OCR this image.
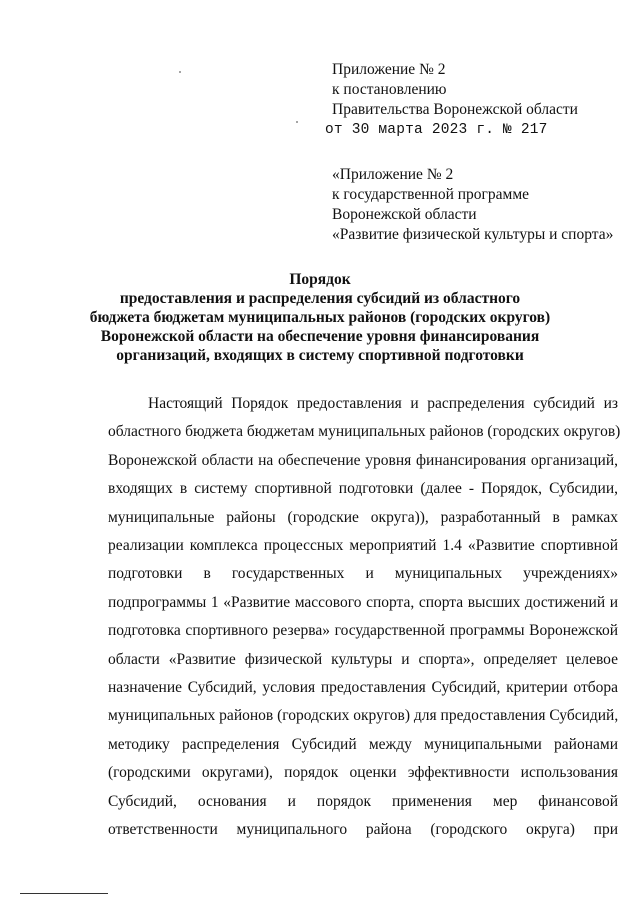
Приложение № 2
к постановлению
Правительства Воронежской области
от 30 марта 2023 г. № 217
«Приложение № 2
к государственной программе
Воронежской области
«Развитие физической культуры и спорта»
Порядок
предоставления и распределения субсидий из областного
бюджета бюджетам муниципальных районов (городских округов)
Воронежской области на обеспечение уровня финансирования
организаций, входящих в систему спортивной подготовки
Настоящий Порядок предоставления и распределения субсидий из
областного бюджета бюджетам муниципальных районов (городских округов)
Воронежской области на обеспечение уровня финансирования организаций,
входящих в систему спортивной подготовки (далее - Порядок, Субсидии,
муниципальные районы (городские округа)), разработанный в рамках
реализации комплекса процессных мероприятий 1.4 «Развитие спортивной
подготовки в государственных и муниципальных учреждениях»
подпрограммы 1 «Развитие массового спорта, спорта высших достижений и
подготовка спортивного резерва» государственной программы Воронежской
области «Развитие физической культуры и спорта», определяет целевое
назначение Субсидий, условия предоставления Субсидий, критерии отбора
муниципальных районов (городских округов) для предоставления Субсидий,
методику распределения Субсидий между муниципальными районами
(городскими округами), порядок оценки эффективности использования
Субсидий, основания и порядок применения мер финансовой
ответственности муниципального района (городского округа) при
